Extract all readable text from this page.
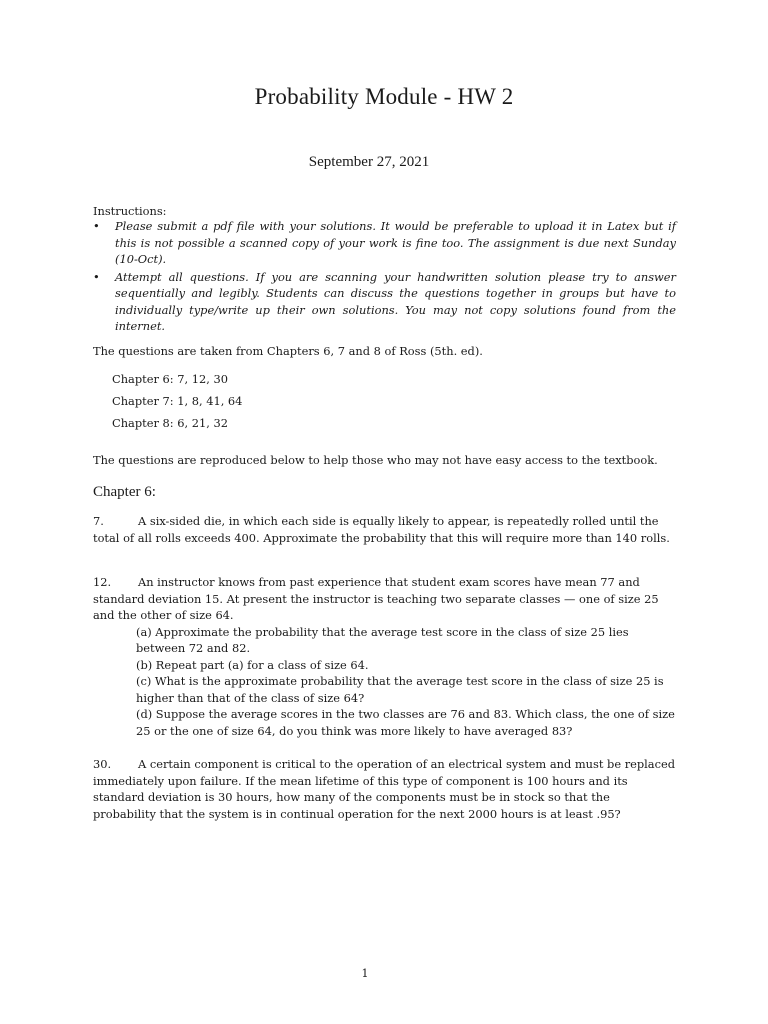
Probability Module - HW 2
September 27, 2021
Instructions:
•	Please submit a pdf file with your solutions. It would be preferable to upload it in Latex but if this is not possible a scanned copy of your work is fine too. The assignment is due next Sunday (10-Oct).
•	Attempt all questions. If you are scanning your handwritten solution please try to answer sequentially and legibly. Students can discuss the questions together in groups but have to individually type/write up their own solutions. You may not copy solutions found from the internet.
The questions are taken from Chapters 6, 7 and 8 of Ross (5th. ed).
Chapter 6: 7, 12, 30
Chapter 7: 1, 8, 41, 64
Chapter 8: 6, 21, 32
The questions are reproduced below to help those who may not have easy access to the textbook.
Chapter 6:
7.	A six-sided die, in which each side is equally likely to appear, is repeatedly rolled until the total of all rolls exceeds 400. Approximate the probability that this will require more than 140 rolls.
12. An instructor knows from past experience that student exam scores have mean 77 and standard deviation 15. At present the instructor is teaching two separate classes — one of size 25 and the other of size 64.
(a) Approximate the probability that the average test score in the class of size 25 lies between 72 and 82.
(b) Repeat part (a) for a class of size 64.
(c) What is the approximate probability that the average test score in the class of size 25 is higher than that of the class of size 64?
(d) Suppose the average scores in the two classes are 76 and 83. Which class, the one of size 25 or the one of size 64, do you think was more likely to have averaged 83?
30. A certain component is critical to the operation of an electrical system and must be replaced immediately upon failure. If the mean lifetime of this type of component is 100 hours and its standard deviation is 30 hours, how many of the components must be in stock so that the probability that the system is in continual operation for the next 2000 hours is at least .95?
1
